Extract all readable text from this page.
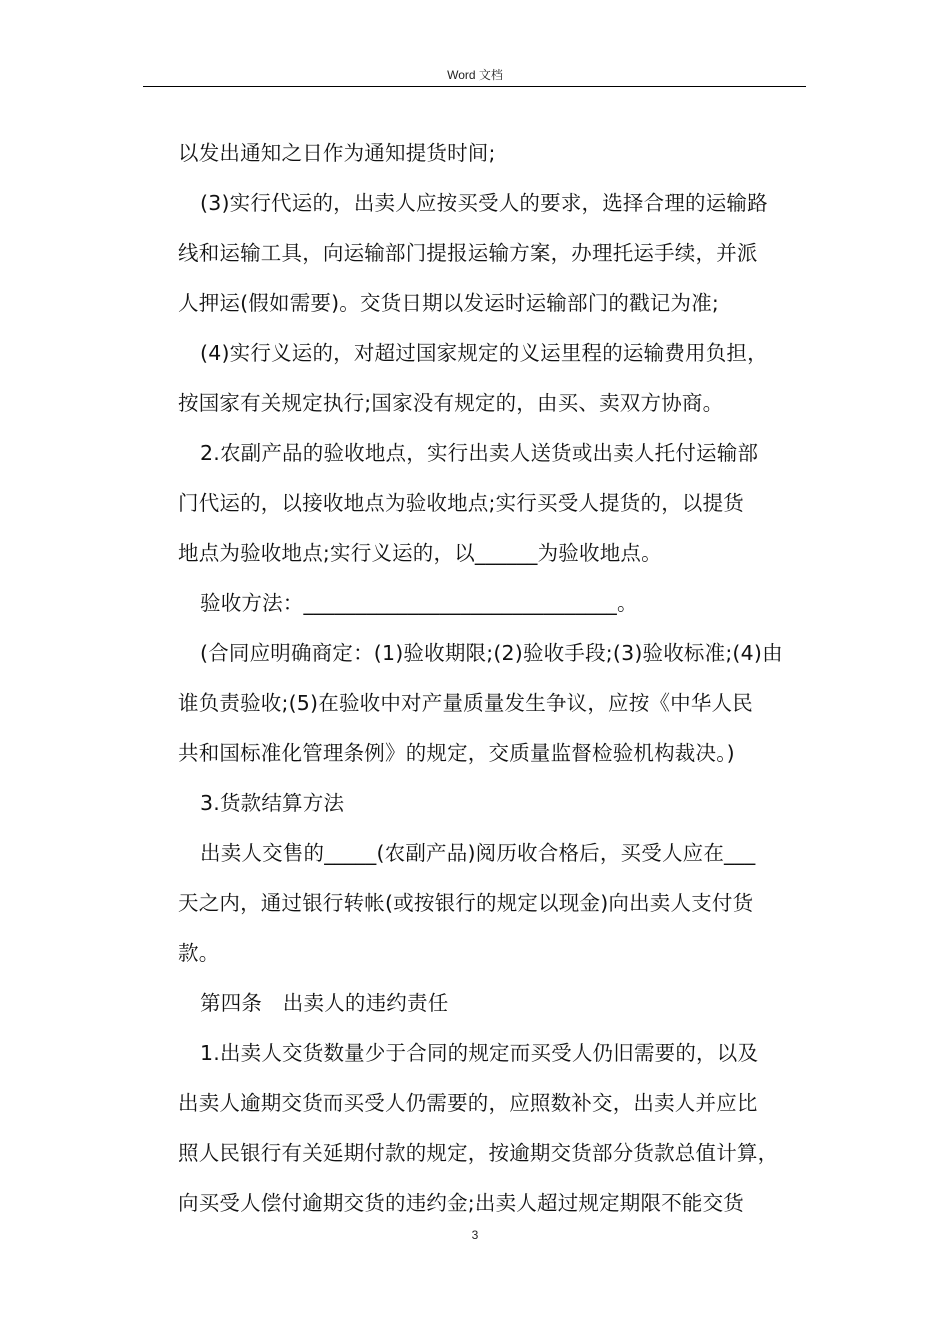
Word 文档
以发出通知之日作为通知提货时间;
(3)实行代运的，出卖人应按买受人的要求，选择合理的运输路
线和运输工具，向运输部门提报运输方案，办理托运手续，并派
人押运(假如需要)。交货日期以发运时运输部门的戳记为准;
(4)实行义运的，对超过国家规定的义运里程的运输费用负担，
按国家有关规定执行;国家没有规定的，由买、卖双方协商。
2.农副产品的验收地点，实行出卖人送货或出卖人托付运输部
门代运的，以接收地点为验收地点;实行买受人提货的，以提货
地点为验收地点;实行义运的，以______为验收地点。
验收方法：______________________________。
(合同应明确商定：(1)验收期限;(2)验收手段;(3)验收标准;(4)由
谁负责验收;(5)在验收中对产量质量发生争议，应按《中华人民
共和国标准化管理条例》的规定，交质量监督检验机构裁决。)
3.货款结算方法
出卖人交售的_____(农副产品)阅历收合格后，买受人应在___
天之内，通过银行转帐(或按银行的规定以现金)向出卖人支付货
款。
第四条　出卖人的违约责任
1.出卖人交货数量少于合同的规定而买受人仍旧需要的，以及
出卖人逾期交货而买受人仍需要的，应照数补交，出卖人并应比
照人民银行有关延期付款的规定，按逾期交货部分货款总值计算，
向买受人偿付逾期交货的违约金;出卖人超过规定期限不能交货
3
